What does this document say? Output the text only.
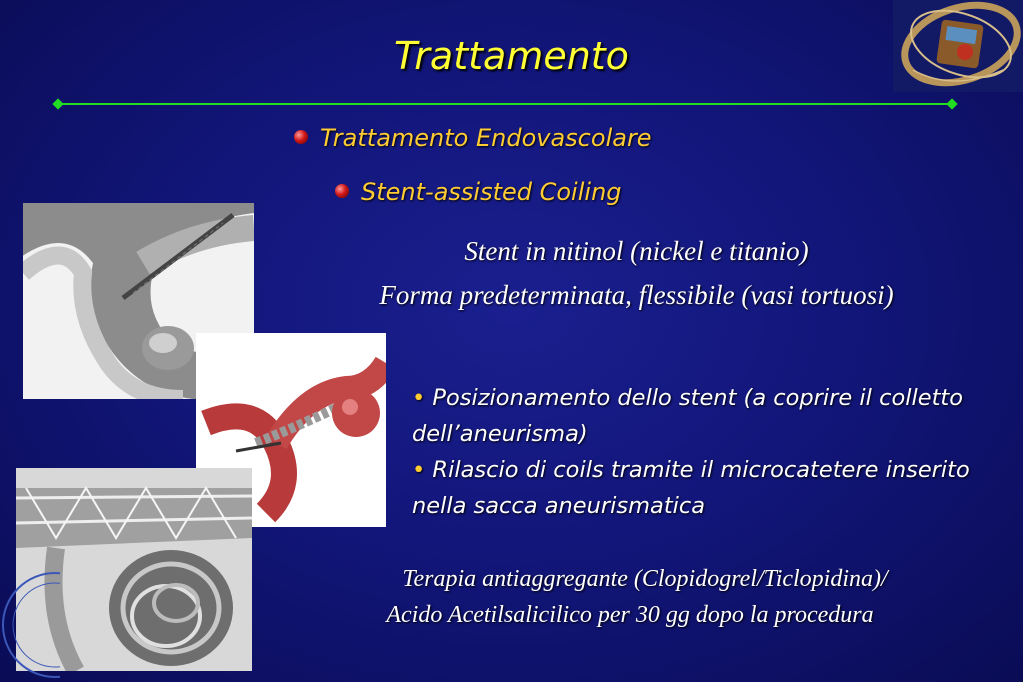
Trattamento
Trattamento Endovascolare
Stent-assisted Coiling
Stent in nitinol (nickel e titanio)
Forma predeterminata, flessibile (vasi tortuosi)
• Posizionamento dello stent (a coprire il colletto dell’aneurisma)
• Rilascio di coils tramite il microcatetere inserito nella sacca aneurismatica
Terapia antiaggregante (Clopidogrel/Ticlopidina)/
Acido Acetilsalicilico per 30 gg dopo la procedura
